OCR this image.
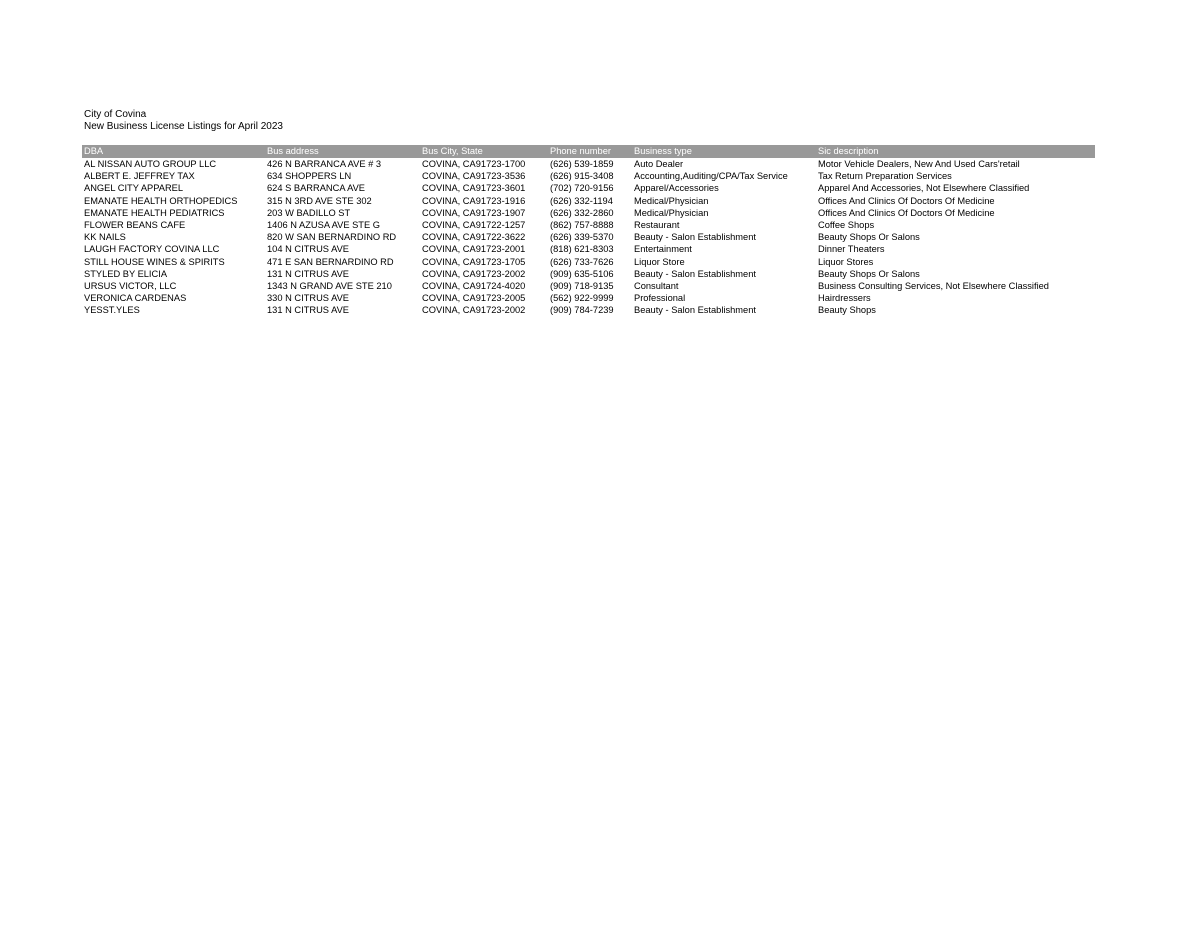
City of Covina
New Business License Listings for April 2023
DBA	Bus address	Bus City, State	Phone number	Business type	Sic description
AL NISSAN AUTO GROUP LLC	426 N BARRANCA AVE # 3	COVINA, CA91723-1700	(626) 539-1859	Auto Dealer	Motor Vehicle Dealers, New And Used Cars'retail
ALBERT E. JEFFREY TAX	634 SHOPPERS LN	COVINA, CA91723-3536	(626) 915-3408	Accounting,Auditing/CPA/Tax Service	Tax Return Preparation Services
ANGEL CITY APPAREL	624 S BARRANCA AVE	COVINA, CA91723-3601	(702) 720-9156	Apparel/Accessories	Apparel And Accessories, Not Elsewhere Classified
EMANATE HEALTH ORTHOPEDICS	315 N 3RD AVE STE 302	COVINA, CA91723-1916	(626) 332-1194	Medical/Physician	Offices And Clinics Of Doctors Of Medicine
EMANATE HEALTH PEDIATRICS	203 W BADILLO ST	COVINA, CA91723-1907	(626) 332-2860	Medical/Physician	Offices And Clinics Of Doctors Of Medicine
FLOWER BEANS CAFE	1406 N AZUSA AVE STE G	COVINA, CA91722-1257	(862) 757-8888	Restaurant	Coffee Shops
KK NAILS	820 W SAN BERNARDINO RD	COVINA, CA91722-3622	(626) 339-5370	Beauty - Salon Establishment	Beauty Shops Or Salons
LAUGH FACTORY COVINA LLC	104 N CITRUS AVE	COVINA, CA91723-2001	(818) 621-8303	Entertainment	Dinner Theaters
STILL HOUSE WINES & SPIRITS	471 E SAN BERNARDINO RD	COVINA, CA91723-1705	(626) 733-7626	Liquor Store	Liquor Stores
STYLED BY ELICIA	131 N CITRUS AVE	COVINA, CA91723-2002	(909) 635-5106	Beauty - Salon Establishment	Beauty Shops Or Salons
URSUS VICTOR, LLC	1343 N GRAND AVE STE 210	COVINA, CA91724-4020	(909) 718-9135	Consultant	Business Consulting Services, Not Elsewhere Classified
VERONICA CARDENAS	330 N CITRUS AVE	COVINA, CA91723-2005	(562) 922-9999	Professional	Hairdressers
YESST.YLES	131 N CITRUS AVE	COVINA, CA91723-2002	(909) 784-7239	Beauty - Salon Establishment	Beauty Shops
